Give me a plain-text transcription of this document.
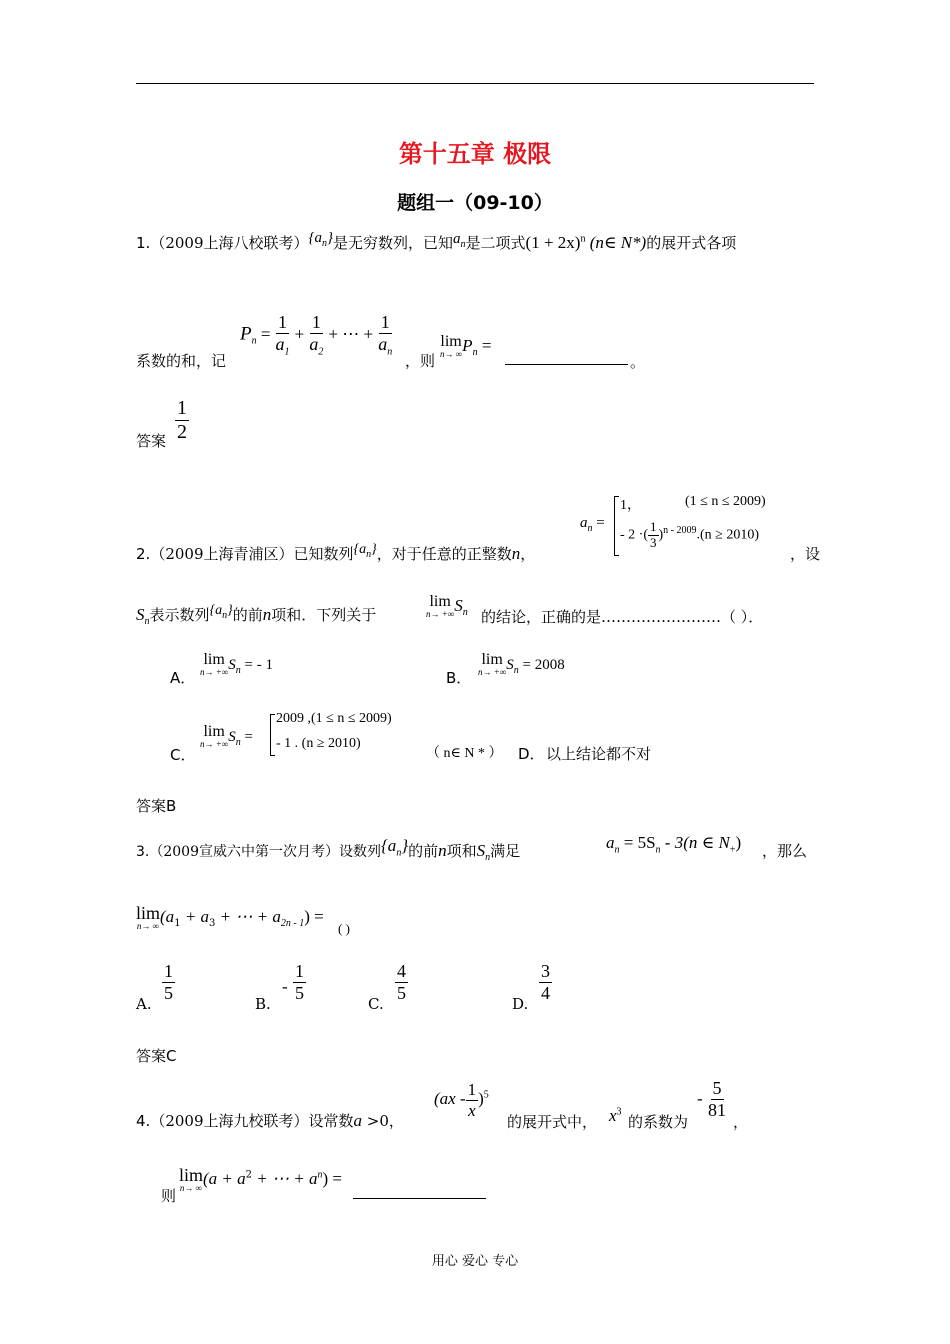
第十五章 极限
题组一（09-10）
1.（2009上海八校联考）$\{a_n\}$是无穷数列，已知$a_n$是二项式$(1 + 2x)^n$ (n∈ N*)的展开式各项
系数的和，记
$P_n = \frac{1}{a_1} + \frac{1}{a_2}$ + ⋯ + $\frac{1}{a_n}$
，则
lim
n→ ∞ $P_n$ =
。
答案 $\frac{1}{2}$
2.（2009上海青浦区）已知数列$\{a_n\}$，对于任意的正整数n，
$a_n$ =
1，	(1 ≤ n ≤ 2009)
- 2 ·( $\frac{1}{3} )^{n - 2009}.(n \ge 2010)$
，设
$S_n$表示数列$\{a_n\}$的前n项和．下列关于
lim
n→ +∞ $S_n$ 的结论，正确的是……………………（ ）．
A．
lim
n→ +∞ $S_n$ = - 1
B．
lim
n→ +∞ $S_n = 2008$
C．
lim
n→ +∞ $S_n$ =
2009 ,(1 ≤ n ≤ 2009)
- 1 . (n ≥ 2010)
（ n∈ N * ） D． 以上结论都不对
答案B
3.（2009宣威六中第一次月考）设数列$\{a_n\}$的前n项和$S_n$满足	$a_n = 5S_n - 3(n$ ∈ $N_+$) ，那么
lim
n→ ∞ ($a_1 + a_3$ + ⋯ + $a_{2n - 1}$) =
( )
A.
$\frac{1}{5}$
B.
- $\frac{1}{5}$
C.
$\frac{4}{5}$
D.
$\frac{3}{4}$
答案C
4.（2009上海九校联考）设常数a >0，
$(ax - \frac{1}{x} )^5$
的展开式中， $x^3$
的系数为
- $\frac{5}{81}$
，
则
lim
n→ ∞ ($a + a^2$ + ⋯ + $a^n$) =
用心 爱心 专心
